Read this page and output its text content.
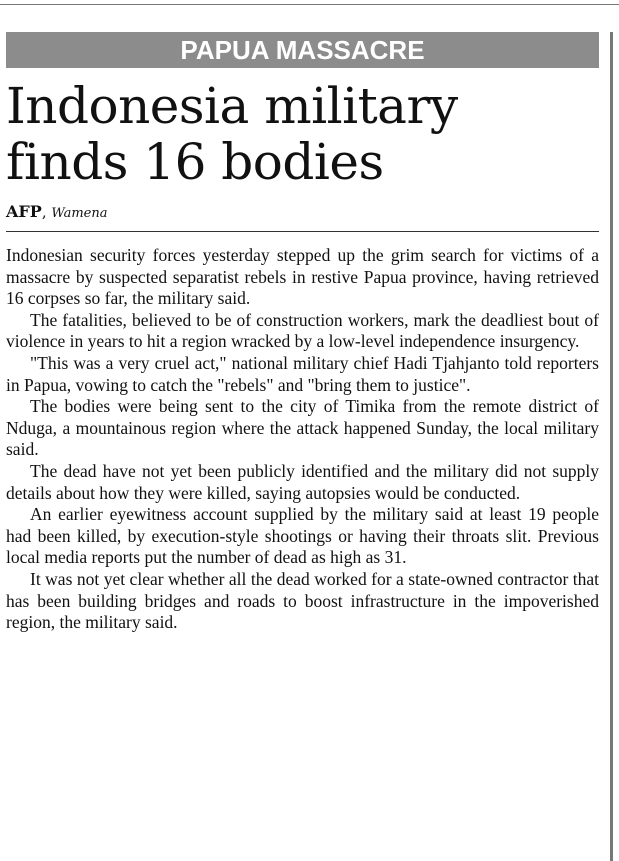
PAPUA MASSACRE
Indonesia military
finds 16 bodies
AFP, Wamena

Indonesian security forces yesterday stepped up the grim search for victims of a massacre by suspected separatist rebels in restive Papua province, having retrieved 16 corpses so far, the military said.

The fatalities, believed to be of construction workers, mark the deadliest bout of violence in years to hit a region wracked by a low-level independence insurgency.

"This was a very cruel act," national military chief Hadi Tjahjanto told reporters in Papua, vowing to catch the "rebels" and "bring them to justice".

The bodies were being sent to the city of Timika from the remote district of Nduga, a mountainous region where the attack happened Sunday, the local military said.

The dead have not yet been publicly identified and the military did not supply details about how they were killed, saying autopsies would be conducted.

An earlier eyewitness account supplied by the military said at least 19 people had been killed, by execution-style shootings or having their throats slit. Previous local media reports put the number of dead as high as 31.

It was not yet clear whether all the dead worked for a state-owned contractor that has been building bridges and roads to boost infrastructure in the impoverished region, the military said.
